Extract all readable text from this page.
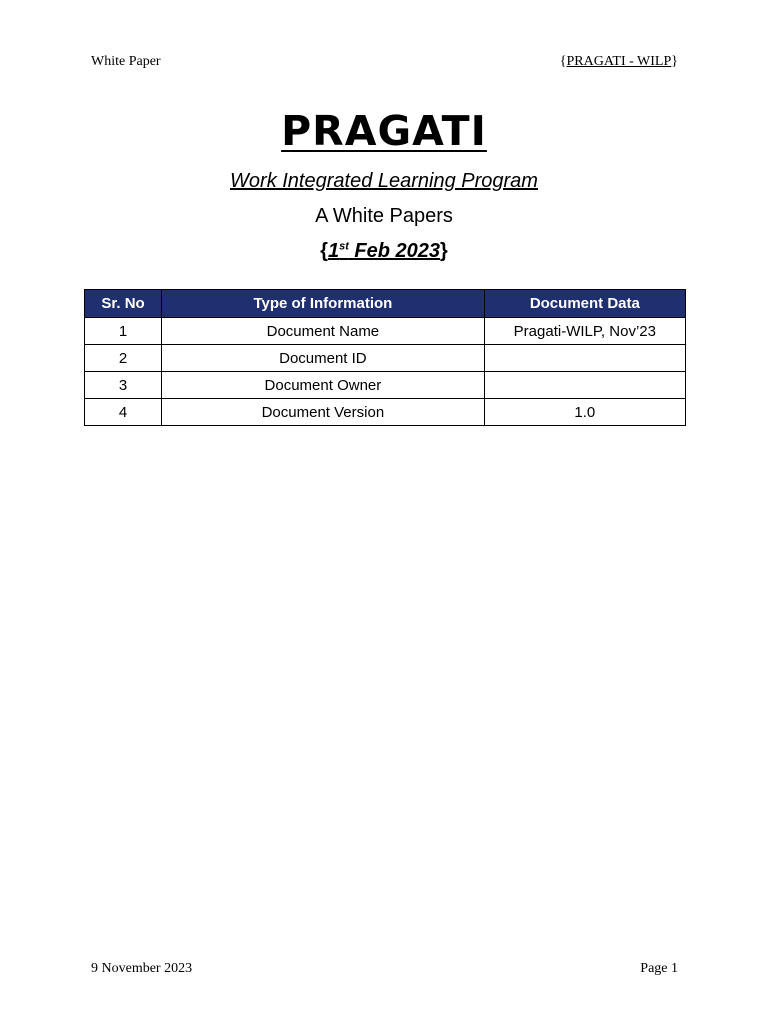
White Paper	{PRAGATI - WILP}
PRAGATI
Work Integrated Learning Program
A White Papers
{1st Feb 2023}
Sr. No	Type of Information	Document Data
1	Document Name	Pragati-WILP, Nov’23
2	Document ID	
3	Document Owner	
4	Document Version	1.0
9 November 2023	Page 1
